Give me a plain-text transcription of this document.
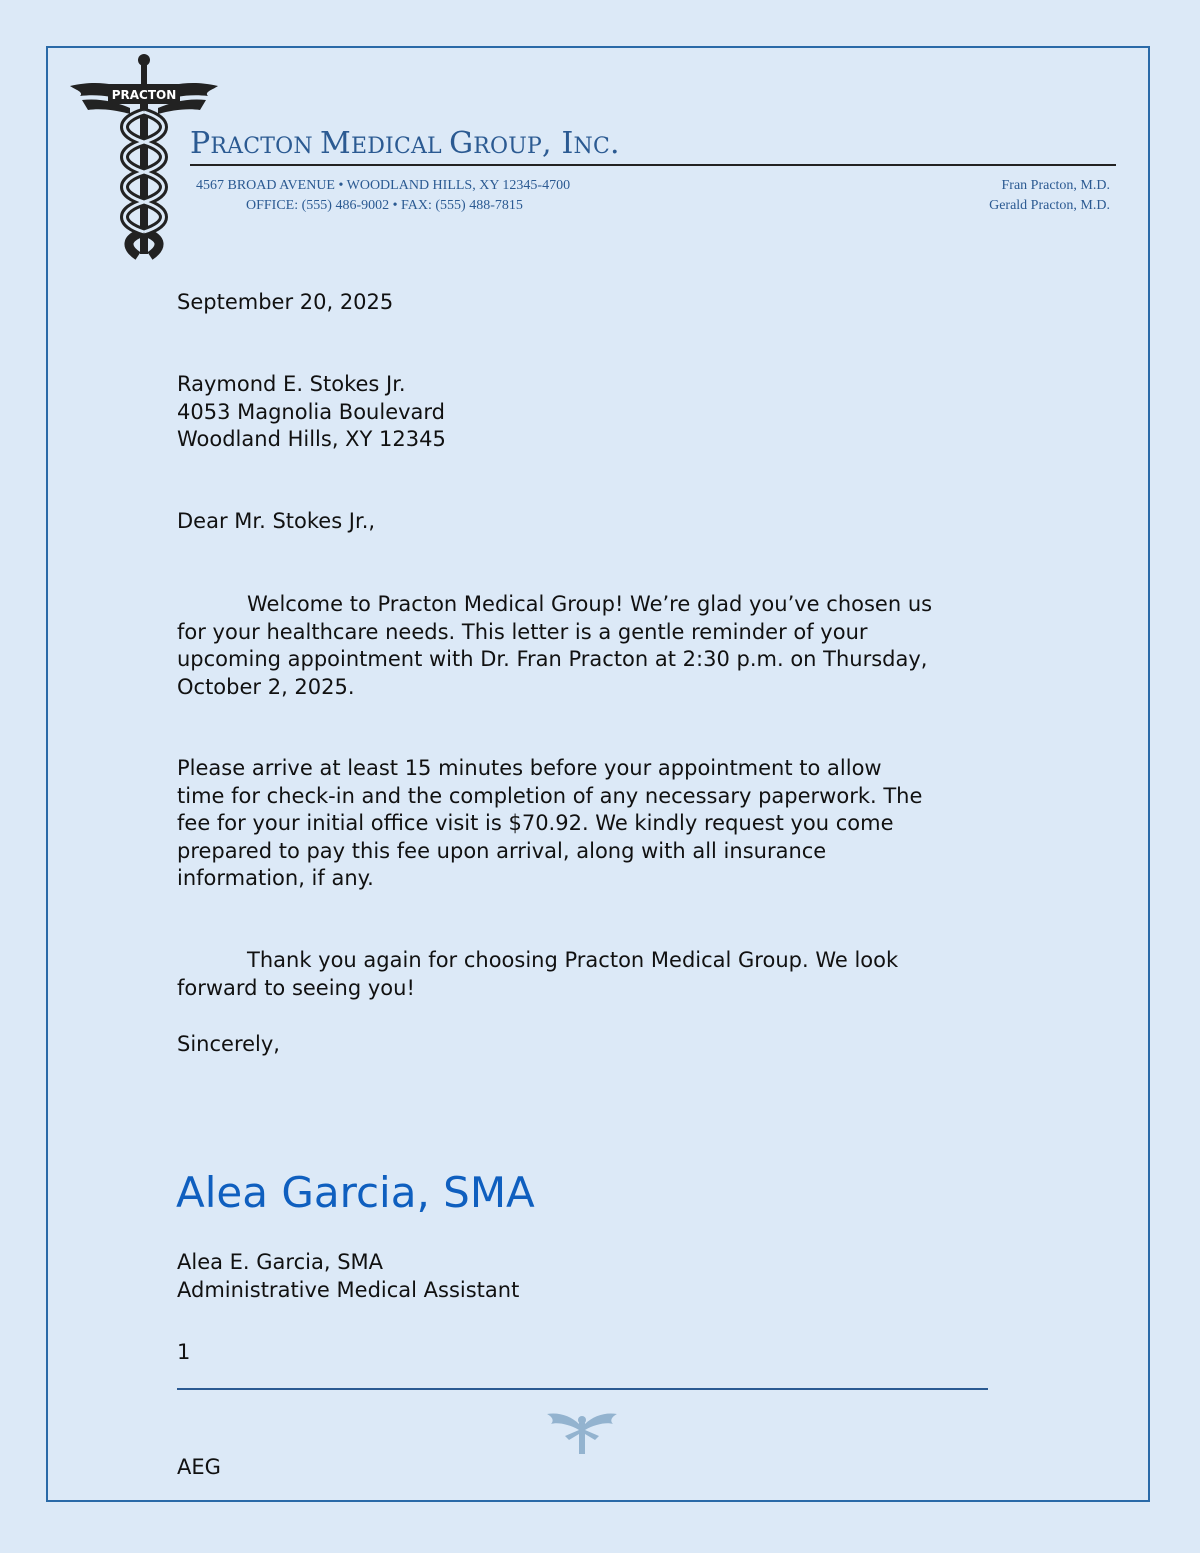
PRACTON
PRACTON MEDICAL GROUP, INC.
4567 BROAD AVENUE • WOODLAND HILLS, XY 12345-4700
OFFICE: (555) 486-9002 • FAX: (555) 488-7815
Fran Practon, M.D.
Gerald Practon, M.D.
September 20, 2025
Raymond E. Stokes Jr.
4053 Magnolia Boulevard
Woodland Hills, XY 12345
Dear Mr. Stokes Jr.,
Welcome to Practon Medical Group! We’re glad you’ve chosen us
for your healthcare needs. This letter is a gentle reminder of your
upcoming appointment with Dr. Fran Practon at 2:30 p.m. on Thursday,
October 2, 2025.
Please arrive at least 15 minutes before your appointment to allow
time for check-in and the completion of any necessary paperwork. The
fee for your initial office visit is $70.92. We kindly request you come
prepared to pay this fee upon arrival, along with all insurance
information, if any.
Thank you again for choosing Practon Medical Group. We look
forward to seeing you!
Sincerely,
Alea Garcia, SMA
Alea E. Garcia, SMA
Administrative Medical Assistant
1
AEG
